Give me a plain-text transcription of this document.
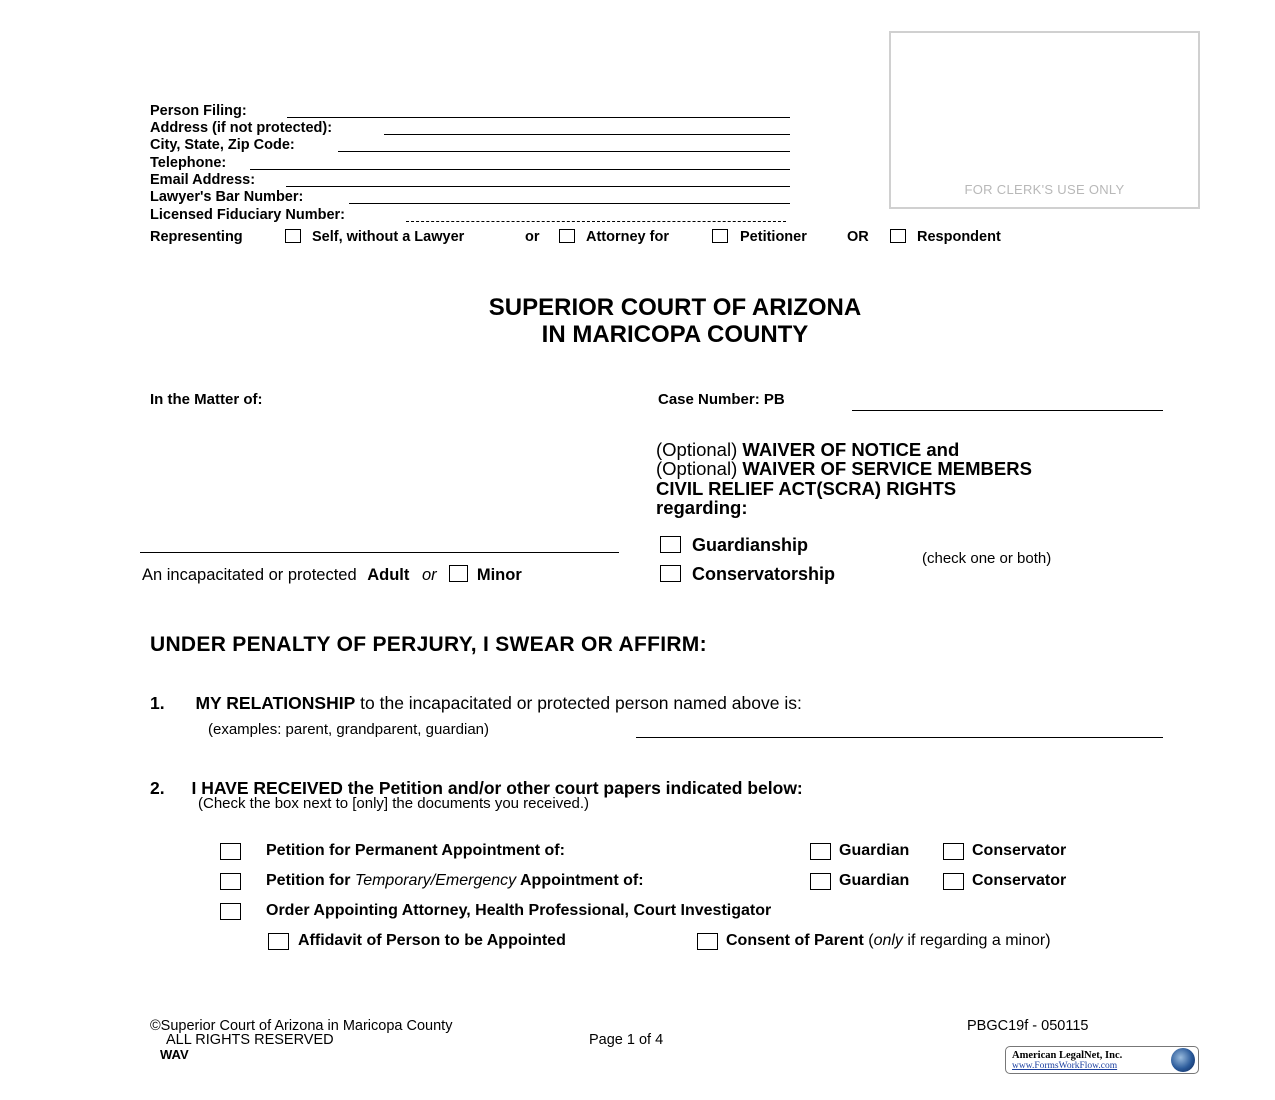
Person Filing:
Address (if not protected):
City, State, Zip Code:
Telephone:
Email Address:
Lawyer's Bar Number:
Licensed Fiduciary Number:
Representing	Self, without a Lawyer	or	Attorney for	Petitioner	OR	Respondent
FOR CLERK'S USE ONLY
SUPERIOR COURT OF ARIZONA
IN MARICOPA COUNTY
In the Matter of:
An incapacitated or protected Adult or Minor
Case Number: PB
(Optional) WAIVER OF NOTICE and
(Optional) WAIVER OF SERVICE MEMBERS
CIVIL RELIEF ACT(SCRA) RIGHTS
regarding:
Guardianship
Conservatorship
(check one or both)
UNDER PENALTY OF PERJURY, I SWEAR OR AFFIRM:
1. MY RELATIONSHIP to the incapacitated or protected person named above is:
(examples: parent, grandparent, guardian)
2. I HAVE RECEIVED the Petition and/or other court papers indicated below:
(Check the box next to [only] the documents you received.)
Petition for Permanent Appointment of:	Guardian	Conservator
Petition for Temporary/Emergency Appointment of:	Guardian	Conservator
Order Appointing Attorney, Health Professional, Court Investigator
Affidavit of Person to be Appointed	Consent of Parent (only if regarding a minor)
©Superior Court of Arizona in Maricopa County
ALL RIGHTS RESERVED
WAV
Page 1 of 4
PBGC19f - 050115
American LegalNet, Inc.
www.FormsWorkFlow.com
